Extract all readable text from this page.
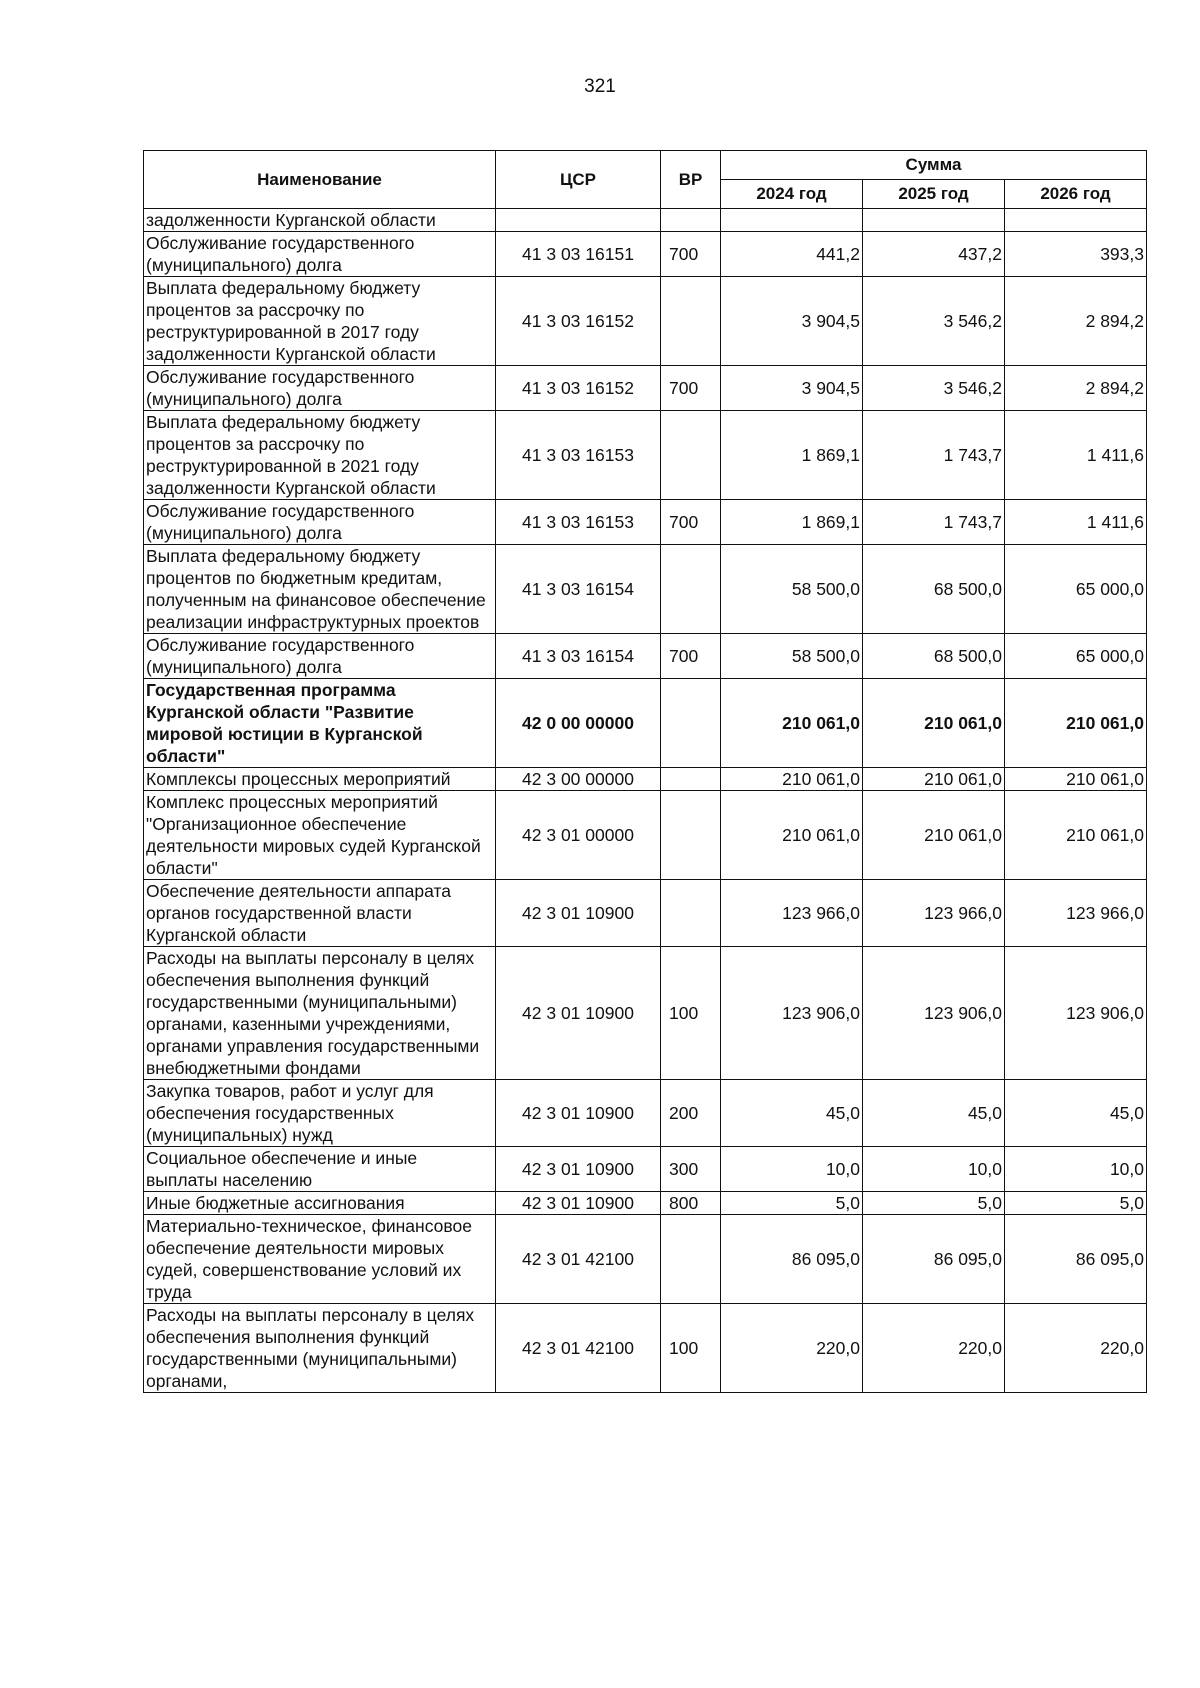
321
Наименование	ЦСР	ВР	Сумма		
			2024 год	2025 год	2026 год
задолженности Курганской области					
Обслуживание государственного (муниципального) долга	41 3 03 16151	700	441,2	437,2	393,3
Выплата федеральному бюджету процентов за рассрочку по реструктурированной в 2017 году задолженности Курганской области	41 3 03 16152		3 904,5	3 546,2	2 894,2
Обслуживание государственного (муниципального) долга	41 3 03 16152	700	3 904,5	3 546,2	2 894,2
Выплата федеральному бюджету процентов за рассрочку по реструктурированной в 2021 году задолженности Курганской области	41 3 03 16153		1 869,1	1 743,7	1 411,6
Обслуживание государственного (муниципального) долга	41 3 03 16153	700	1 869,1	1 743,7	1 411,6
Выплата федеральному бюджету процентов по бюджетным кредитам, полученным на финансовое обеспечение реализации инфраструктурных проектов	41 3 03 16154		58 500,0	68 500,0	65 000,0
Обслуживание государственного (муниципального) долга	41 3 03 16154	700	58 500,0	68 500,0	65 000,0
Государственная программа Курганской области "Развитие мировой юстиции в Курганской области"	42 0 00 00000		210 061,0	210 061,0	210 061,0
Комплексы процессных мероприятий	42 3 00 00000		210 061,0	210 061,0	210 061,0
Комплекс процессных мероприятий "Организационное обеспечение деятельности мировых судей Курганской области"	42 3 01 00000		210 061,0	210 061,0	210 061,0
Обеспечение деятельности аппарата органов государственной власти Курганской области	42 3 01 10900		123 966,0	123 966,0	123 966,0
Расходы на выплаты персоналу в целях обеспечения выполнения функций государственными (муниципальными) органами, казенными учреждениями, органами управления государственными внебюджетными фондами	42 3 01 10900	100	123 906,0	123 906,0	123 906,0
Закупка товаров, работ и услуг для обеспечения государственных (муниципальных) нужд	42 3 01 10900	200	45,0	45,0	45,0
Социальное обеспечение и иные выплаты населению	42 3 01 10900	300	10,0	10,0	10,0
Иные бюджетные ассигнования	42 3 01 10900	800	5,0	5,0	5,0
Материально-техническое, финансовое обеспечение деятельности мировых судей, совершенствование условий их труда	42 3 01 42100		86 095,0	86 095,0	86 095,0
Расходы на выплаты персоналу в целях обеспечения выполнения функций государственными (муниципальными) органами,	42 3 01 42100	100	220,0	220,0	220,0
